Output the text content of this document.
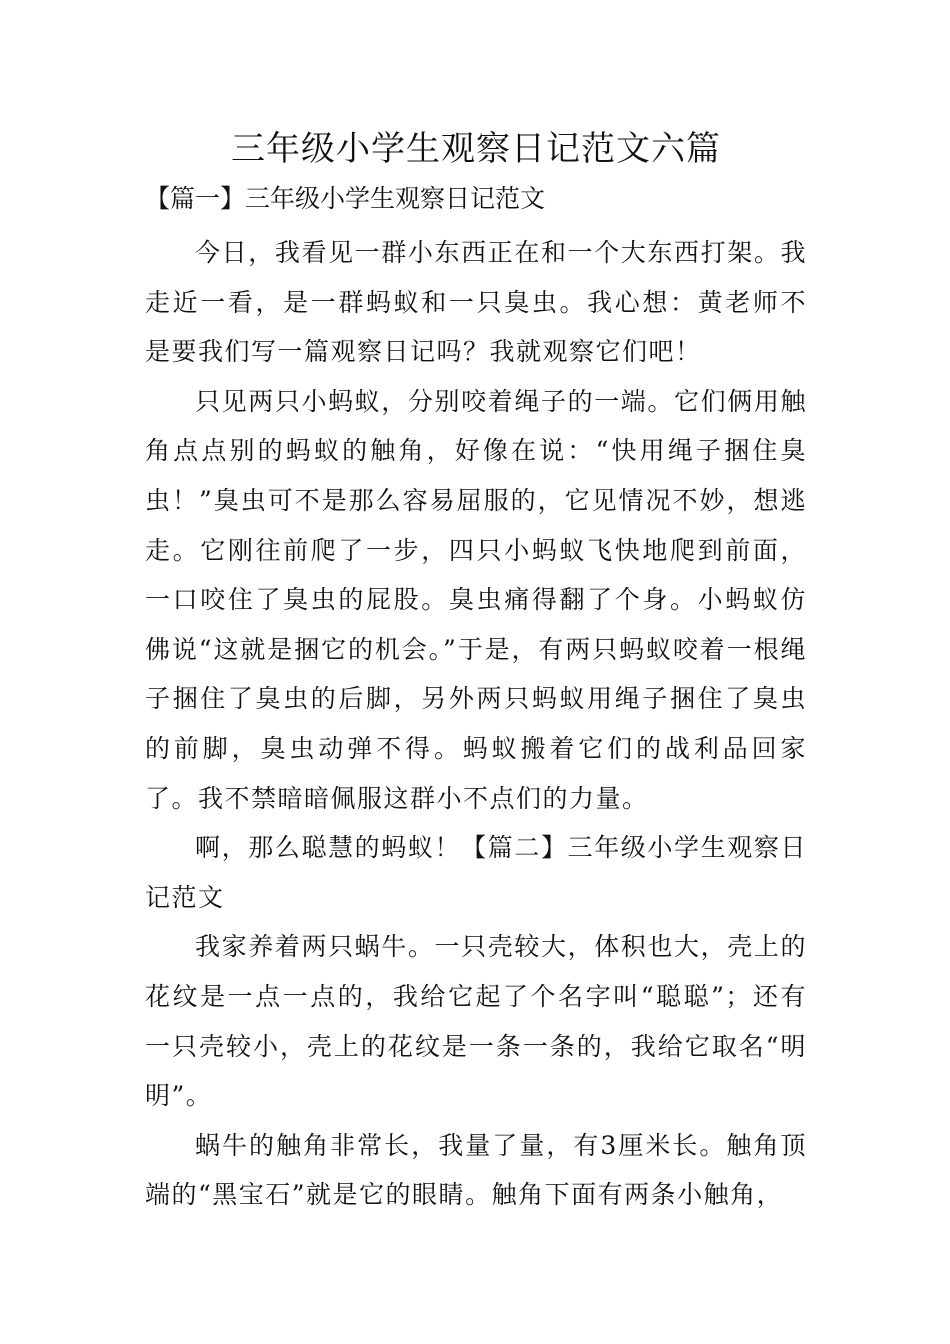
三年级小学生观察日记范文六篇
【篇一】三年级小学生观察日记范文

今日，我看见一群小东西正在和一个大东西打架。我走近一看，是一群蚂蚁和一只臭虫。我心想：黄老师不是要我们写一篇观察日记吗？我就观察它们吧！

只见两只小蚂蚁，分别咬着绳子的一端。它们俩用触角点点别的蚂蚁的触角，好像在说：“快用绳子捆住臭虫！”臭虫可不是那么容易屈服的，它见情况不妙，想逃走。它刚往前爬了一步，四只小蚂蚁飞快地爬到前面，一口咬住了臭虫的屁股。臭虫痛得翻了个身。小蚂蚁仿佛说“这就是捆它的机会。”于是，有两只蚂蚁咬着一根绳子捆住了臭虫的后脚，另外两只蚂蚁用绳子捆住了臭虫的前脚，臭虫动弹不得。蚂蚁搬着它们的战利品回家了。我不禁暗暗佩服这群小不点们的力量。

啊，那么聪慧的蚂蚁！【篇二】三年级小学生观察日记范文

我家养着两只蜗牛。一只壳较大，体积也大，壳上的花纹是一点一点的，我给它起了个名字叫“聪聪”；还有一只壳较小，壳上的花纹是一条一条的，我给它取名“明明”。

蜗牛的触角非常长，我量了量，有3厘米长。触角顶端的“黑宝石”就是它的眼睛。触角下面有两条小触角，
